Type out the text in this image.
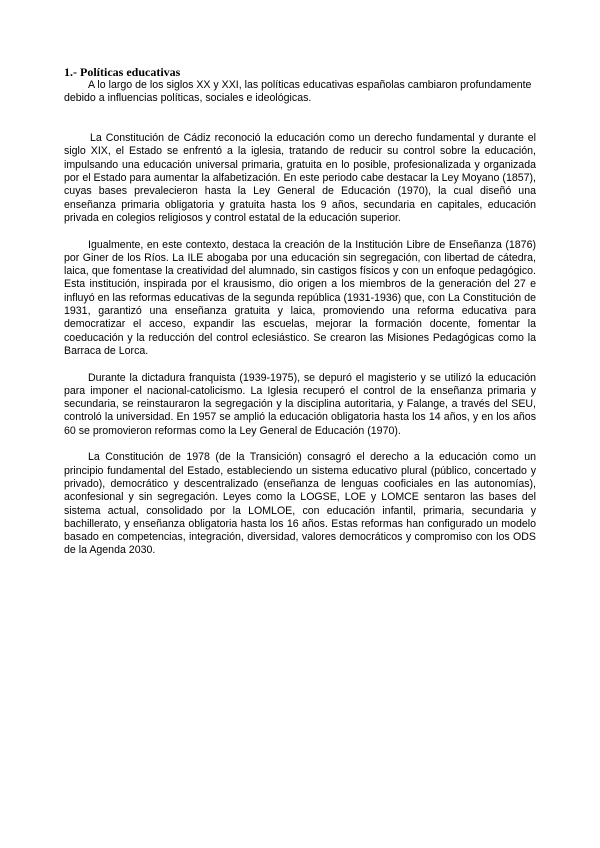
1.- Políticas educativas

A lo largo de los siglos XX y XXI, las políticas educativas españolas cambiaron profundamente debido a influencias políticas, sociales e ideológicas.

La Constitución de Cádiz reconoció la educación como un derecho fundamental y durante el siglo XIX, el Estado se enfrentó a la iglesia, tratando de reducir su control sobre la educación, impulsando una educación universal primaria, gratuita en lo posible, profesionalizada y organizada por el Estado para aumentar la alfabetización. En este periodo cabe destacar la Ley Moyano (1857), cuyas bases prevalecieron hasta la Ley General de Educación (1970), la cual diseñó una enseñanza primaria obligatoria y gratuita hasta los 9 años, secundaria en capitales, educación privada en colegios religiosos y control estatal de la educación superior.

Igualmente, en este contexto, destaca la creación de la Institución Libre de Enseñanza (1876) por Giner de los Ríos. La ILE abogaba por una educación sin segregación, con libertad de cátedra, laica, que fomentase la creatividad del alumnado, sin castigos físicos y con un enfoque pedagógico. Esta institución, inspirada por el krausismo, dio origen a los miembros de la generación del 27 e influyó en las reformas educativas de la segunda república (1931-1936) que, con La Constitución de 1931, garantizó una enseñanza gratuita y laica, promoviendo una reforma educativa para democratizar el acceso, expandir las escuelas, mejorar la formación docente, fomentar la coeducación y la reducción del control eclesiástico. Se crearon las Misiones Pedagógicas como la Barraca de Lorca.

Durante la dictadura franquista (1939-1975), se depuró el magisterio y se utilizó la educación para imponer el nacional-catolicismo. La Iglesia recuperó el control de la enseñanza primaria y secundaria, se reinstauraron la segregación y la disciplina autoritaria, y Falange, a través del SEU, controló la universidad. En 1957 se amplió la educación obligatoria hasta los 14 años, y en los años 60 se promovieron reformas como la Ley General de Educación (1970).

La Constitución de 1978 (de la Transición) consagró el derecho a la educación como un principio fundamental del Estado, estableciendo un sistema educativo plural (público, concertado y privado), democrático y descentralizado (enseñanza de lenguas cooficiales en las autonomías), aconfesional y sin segregación. Leyes como la LOGSE, LOE y LOMCE sentaron las bases del sistema actual, consolidado por la LOMLOE, con educación infantil, primaria, secundaria y bachillerato, y enseñanza obligatoria hasta los 16 años. Estas reformas han configurado un modelo basado en competencias, integración, diversidad, valores democráticos y compromiso con los ODS de la Agenda 2030.
